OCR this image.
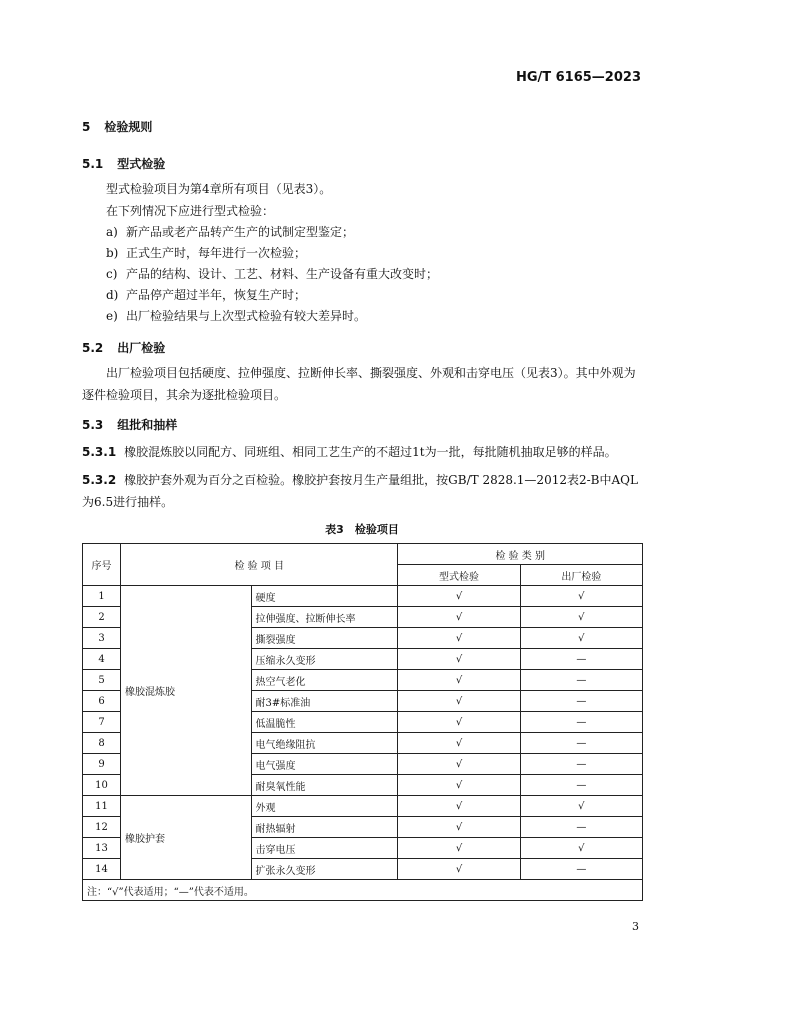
HG/T 6165—2023
5 检验规则
5.1 型式检验

型式检验项目为第4章所有项目（见表3）。

在下列情况下应进行型式检验：

a) 新产品或老产品转产生产的试制定型鉴定；
b) 正式生产时，每年进行一次检验；
c) 产品的结构、设计、工艺、材料、生产设备有重大改变时；
d) 产品停产超过半年，恢复生产时；
e) 出厂检验结果与上次型式检验有较大差异时。
5.2 出厂检验

出厂检验项目包括硬度、拉伸强度、拉断伸长率、撕裂强度、外观和击穿电压（见表3）。其中外观为逐件检验项目，其余为逐批检验项目。

5.3 组批和抽样

5.3.1 橡胶混炼胶以同配方、同班组、相同工艺生产的不超过1t为一批，每批随机抽取足够的样品。

5.3.2 橡胶护套外观为百分之百检验。橡胶护套按月生产量组批，按GB/T 2828.1—2012表2-B中AQL为6.5进行抽样。

表3　检验项目
序号	检 验 项 目		检 验 类 别	
			型式检验	出厂检验
1	橡胶混炼胶	硬度	√	√
2		拉伸强度、拉断伸长率	√	√
3		撕裂强度	√	√
4		压缩永久变形	√	—
5		热空气老化	√	—
6		耐3#标准油	√	—
7		低温脆性	√	—
8		电气绝缘阻抗	√	—
9		电气强度	√	—
10		耐臭氧性能	√	—
11	橡胶护套	外观	√	√
12		耐热辐射	√	—
13		击穿电压	√	√
14		扩张永久变形	√	—
注：“√”代表适用；“—”代表不适用。				
3
